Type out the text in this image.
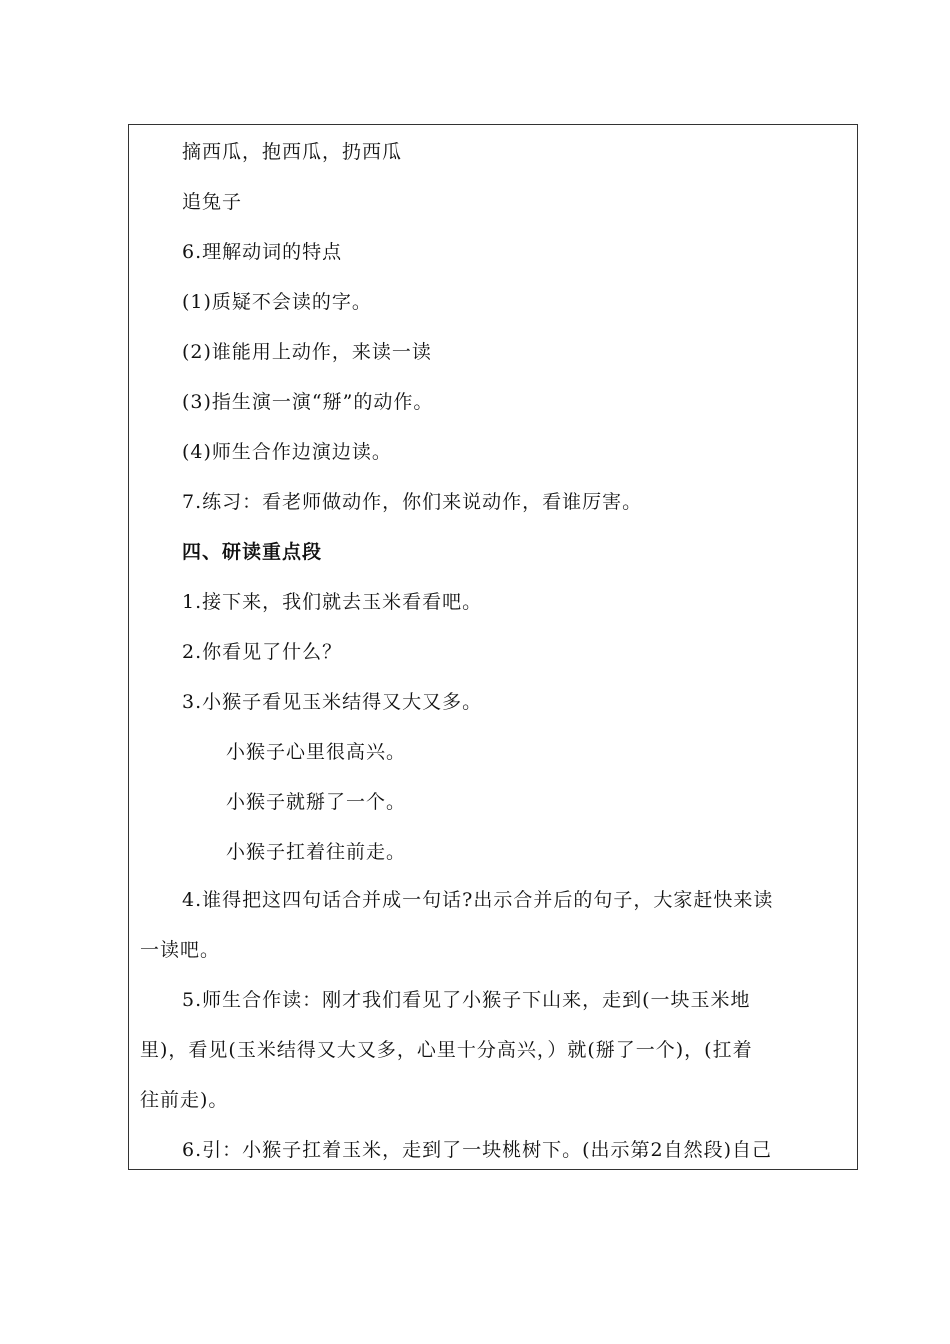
摘西瓜，抱西瓜，扔西瓜
追兔子
6.理解动词的特点
(1)质疑不会读的字。
(2)谁能用上动作，来读一读
(3)指生演一演“掰”的动作。
(4)师生合作边演边读。
7.练习：看老师做动作，你们来说动作，看谁厉害。
四、研读重点段
1.接下来，我们就去玉米看看吧。
2.你看见了什么？
3.小猴子看见玉米结得又大又多。
小猴子心里很高兴。
小猴子就掰了一个。
小猴子扛着往前走。
4.谁得把这四句话合并成一句话?出示合并后的句子，大家赶快来读
一读吧。
5.师生合作读：刚才我们看见了小猴子下山来，走到(一块玉米地
里)，看见(玉米结得又大又多，心里十分高兴，）就(掰了一个)，(扛着
往前走)。
6.引：小猴子扛着玉米，走到了一块桃树下。(出示第2自然段)自己
